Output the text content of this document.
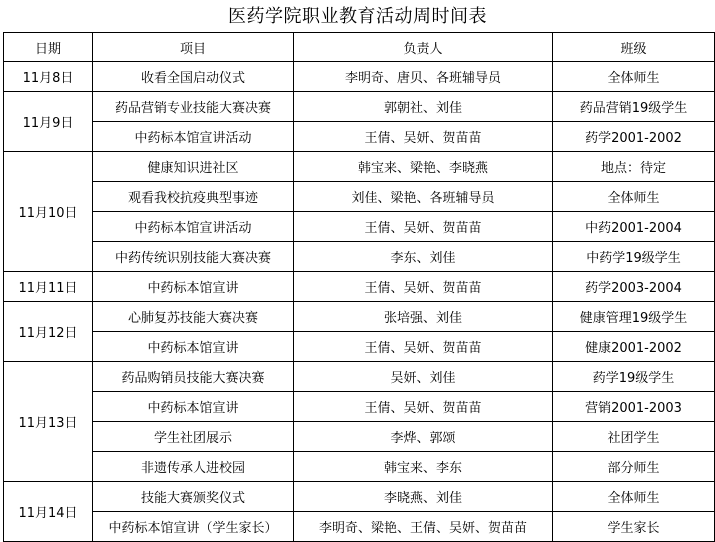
医药学院职业教育活动周时间表
日期	项目	负责人	班级
11月8日	收看全国启动仪式	李明奇、唐贝、各班辅导员	全体师生
11月9日	药品营销专业技能大赛决赛	郭朝社、刘佳	药品营销19级学生
	中药标本馆宣讲活动	王倩、吴妍、贺苗苗	药学2001-2002
11月10日	健康知识进社区	韩宝来、梁艳、李晓燕	地点：待定
	观看我校抗疫典型事迹	刘佳、梁艳、各班辅导员	全体师生
	中药标本馆宣讲活动	王倩、吴妍、贺苗苗	中药2001-2004
	中药传统识别技能大赛决赛	李东、刘佳	中药学19级学生
11月11日	中药标本馆宣讲	王倩、吴妍、贺苗苗	药学2003-2004
11月12日	心肺复苏技能大赛决赛	张培强、刘佳	健康管理19级学生
	中药标本馆宣讲	王倩、吴妍、贺苗苗	健康2001-2002
11月13日	药品购销员技能大赛决赛	吴妍、刘佳	药学19级学生
	中药标本馆宣讲	王倩、吴妍、贺苗苗	营销2001-2003
	学生社团展示	李烨、郭颂	社团学生
	非遗传承人进校园	韩宝来、李东	部分师生
11月14日	技能大赛颁奖仪式	李晓燕、刘佳	全体师生
	中药标本馆宣讲（学生家长）	李明奇、梁艳、王倩、吴妍、贺苗苗	学生家长
